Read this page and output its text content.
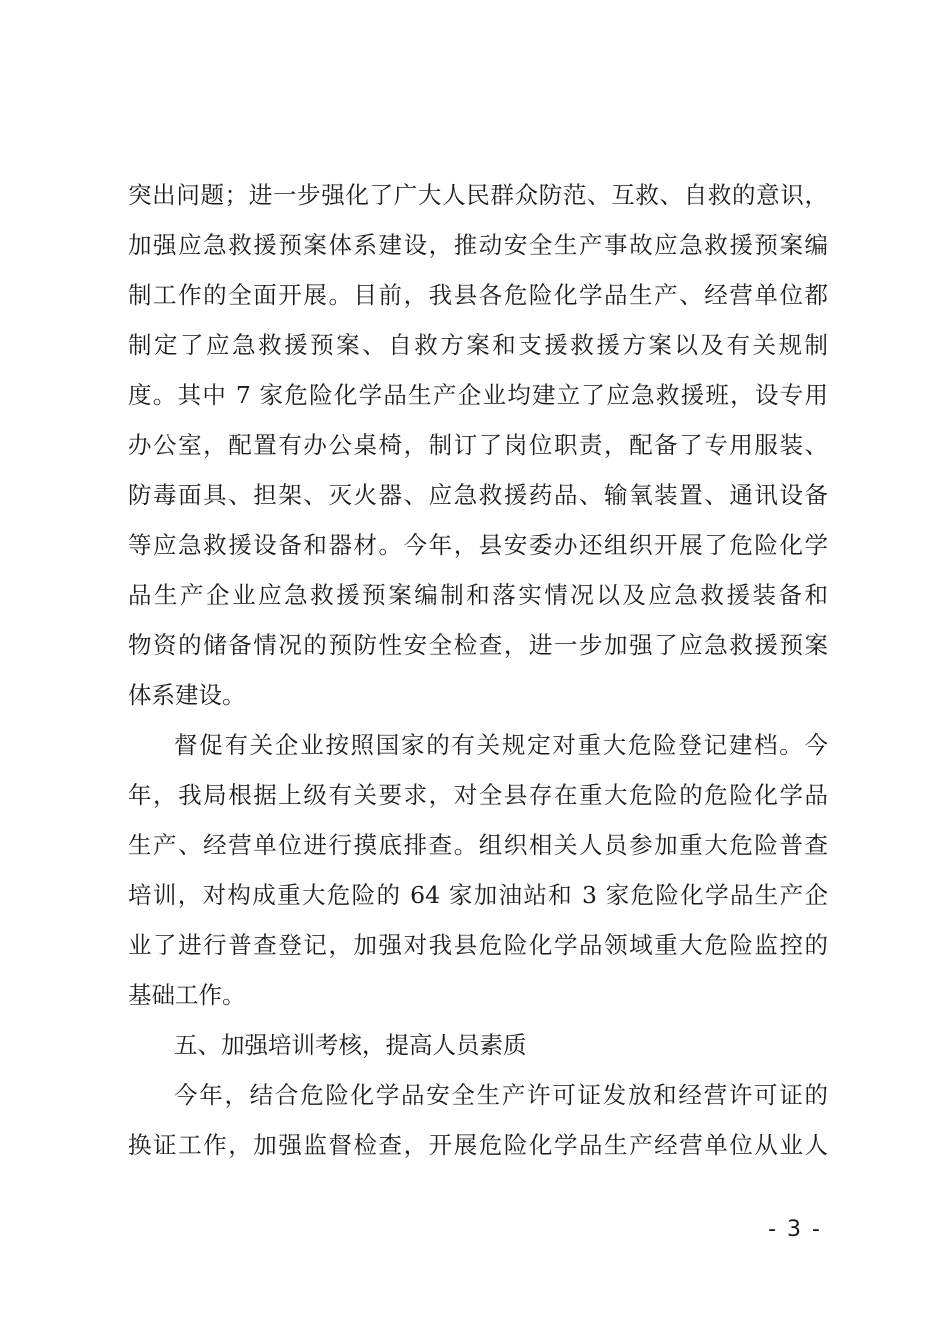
突出问题；进一步强化了广大人民群众防范、互救、自救的意识，
加强应急救援预案体系建设，推动安全生产事故应急救援预案编
制工作的全面开展。目前，我县各危险化学品生产、经营单位都
制定了应急救援预案、自救方案和支援救援方案以及有关规制
度。其中 7 家危险化学品生产企业均建立了应急救援班，设专用
办公室，配置有办公桌椅，制订了岗位职责，配备了专用服装、
防毒面具、担架、灭火器、应急救援药品、输氧装置、通讯设备
等应急救援设备和器材。今年，县安委办还组织开展了危险化学
品生产企业应急救援预案编制和落实情况以及应急救援装备和
物资的储备情况的预防性安全检查，进一步加强了应急救援预案
体系建设。
督促有关企业按照国家的有关规定对重大危险登记建档。今
年，我局根据上级有关要求，对全县存在重大危险的危险化学品
生产、经营单位进行摸底排查。组织相关人员参加重大危险普查
培训，对构成重大危险的 64 家加油站和 3 家危险化学品生产企
业了进行普查登记，加强对我县危险化学品领域重大危险监控的
基础工作。
五、加强培训考核，提高人员素质
今年，结合危险化学品安全生产许可证发放和经营许可证的
换证工作，加强监督检查，开展危险化学品生产经营单位从业人
- 3 -
